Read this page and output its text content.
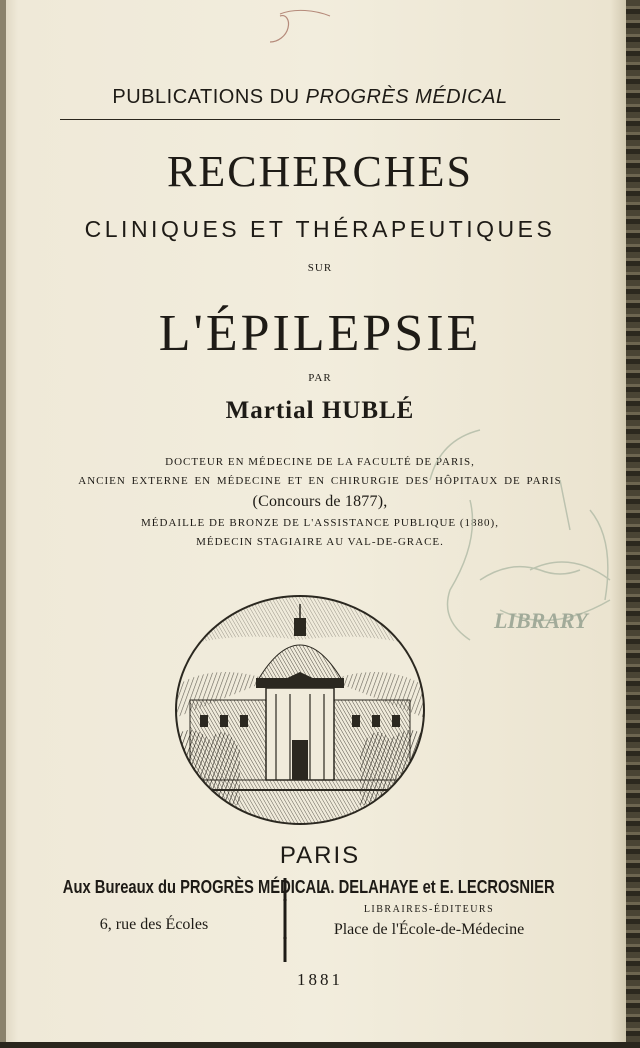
PUBLICATIONS DU PROGRÈS MÉDICAL
RECHERCHES
CLINIQUES ET THÉRAPEUTIQUES
SUR
L'ÉPILEPSIE
PAR
Martial HUBLÉ
DOCTEUR EN MÉDECINE DE LA FACULTÉ DE PARIS,
ANCIEN EXTERNE EN MÉDECINE ET EN CHIRURGIE DES HÔPITAUX DE PARIS
(Concours de 1877),
MÉDAILLE DE BRONZE DE L'ASSISTANCE PUBLIQUE (1880),
MÉDECIN STAGIAIRE AU VAL-DE-GRACE.
LIBRARY
PARIS
Aux Bureaux du PROGRÈS MÉDICAL
6, rue des Écoles
A. DELAHAYE et E. LECROSNIER
LIBRAIRES-ÉDITEURS
Place de l'École-de-Médecine
1881
